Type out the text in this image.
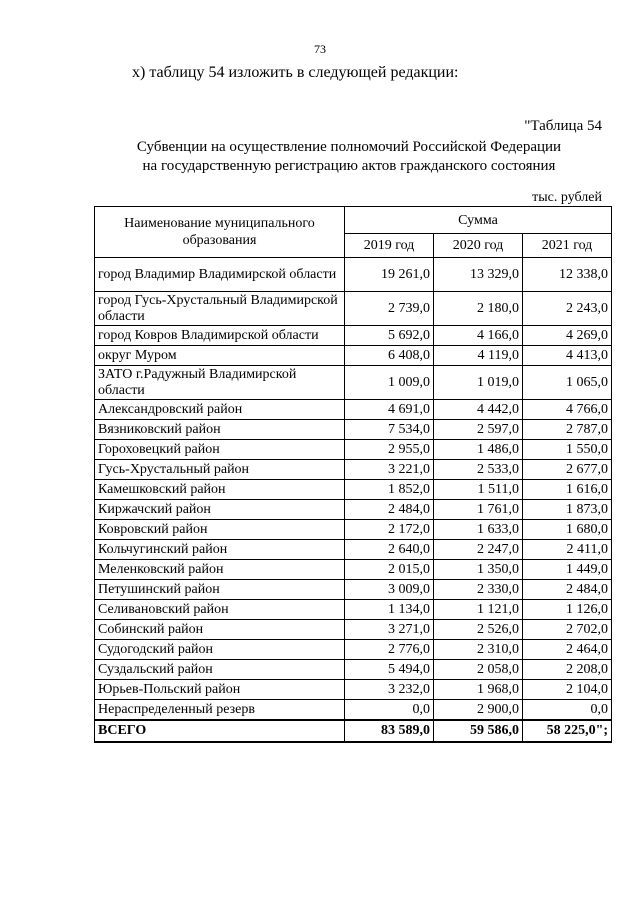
73
х) таблицу 54 изложить в следующей редакции:
"Таблица 54
Субвенции на осуществление полномочий Российской Федерации
на государственную регистрацию актов гражданского состояния
тыс. рублей
Наименование муниципального образования	Сумма		
	2019 год	2020 год	2021 год
город Владимир Владимирской области	19 261,0	13 329,0	12 338,0
город Гусь-Хрустальный Владимирской области	2 739,0	2 180,0	2 243,0
город Ковров Владимирской области	5 692,0	4 166,0	4 269,0
округ Муром	6 408,0	4 119,0	4 413,0
ЗАТО г.Радужный Владимирской области	1 009,0	1 019,0	1 065,0
Александровский район	4 691,0	4 442,0	4 766,0
Вязниковский район	7 534,0	2 597,0	2 787,0
Гороховецкий район	2 955,0	1 486,0	1 550,0
Гусь-Хрустальный район	3 221,0	2 533,0	2 677,0
Камешковский район	1 852,0	1 511,0	1 616,0
Киржачский район	2 484,0	1 761,0	1 873,0
Ковровский район	2 172,0	1 633,0	1 680,0
Кольчугинский район	2 640,0	2 247,0	2 411,0
Меленковский район	2 015,0	1 350,0	1 449,0
Петушинский район	3 009,0	2 330,0	2 484,0
Селивановский район	1 134,0	1 121,0	1 126,0
Собинский район	3 271,0	2 526,0	2 702,0
Судогодский район	2 776,0	2 310,0	2 464,0
Суздальский район	5 494,0	2 058,0	2 208,0
Юрьев-Польский район	3 232,0	1 968,0	2 104,0
Нераспределенный резерв	0,0	2 900,0	0,0
ВСЕГО	83 589,0	59 586,0	58 225,0";
